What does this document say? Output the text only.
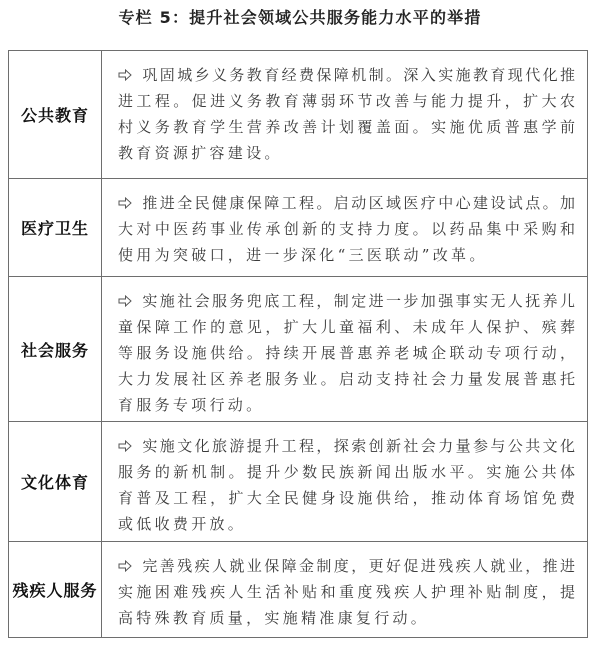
专栏 5：提升社会领域公共服务能力水平的举措
公共教育
巩固城乡义务教育经费保障机制。深入实施教育现代化推
进工程。促进义务教育薄弱环节改善与能力提升，扩大农
村义务教育学生营养改善计划覆盖面。实施优质普惠学前
教育资源扩容建设。
医疗卫生
推进全民健康保障工程。启动区域医疗中心建设试点。加
大对中医药事业传承创新的支持力度。以药品集中采购和
使用为突破口，进一步深化“三医联动”改革。
社会服务
实施社会服务兜底工程，制定进一步加强事实无人抚养儿
童保障工作的意见，扩大儿童福利、未成年人保护、殡葬
等服务设施供给。持续开展普惠养老城企联动专项行动，
大力发展社区养老服务业。启动支持社会力量发展普惠托
育服务专项行动。
文化体育
实施文化旅游提升工程，探索创新社会力量参与公共文化
服务的新机制。提升少数民族新闻出版水平。实施公共体
育普及工程，扩大全民健身设施供给，推动体育场馆免费
或低收费开放。
残疾人服务
完善残疾人就业保障金制度，更好促进残疾人就业，推进
实施困难残疾人生活补贴和重度残疾人护理补贴制度，提
高特殊教育质量，实施精准康复行动。
